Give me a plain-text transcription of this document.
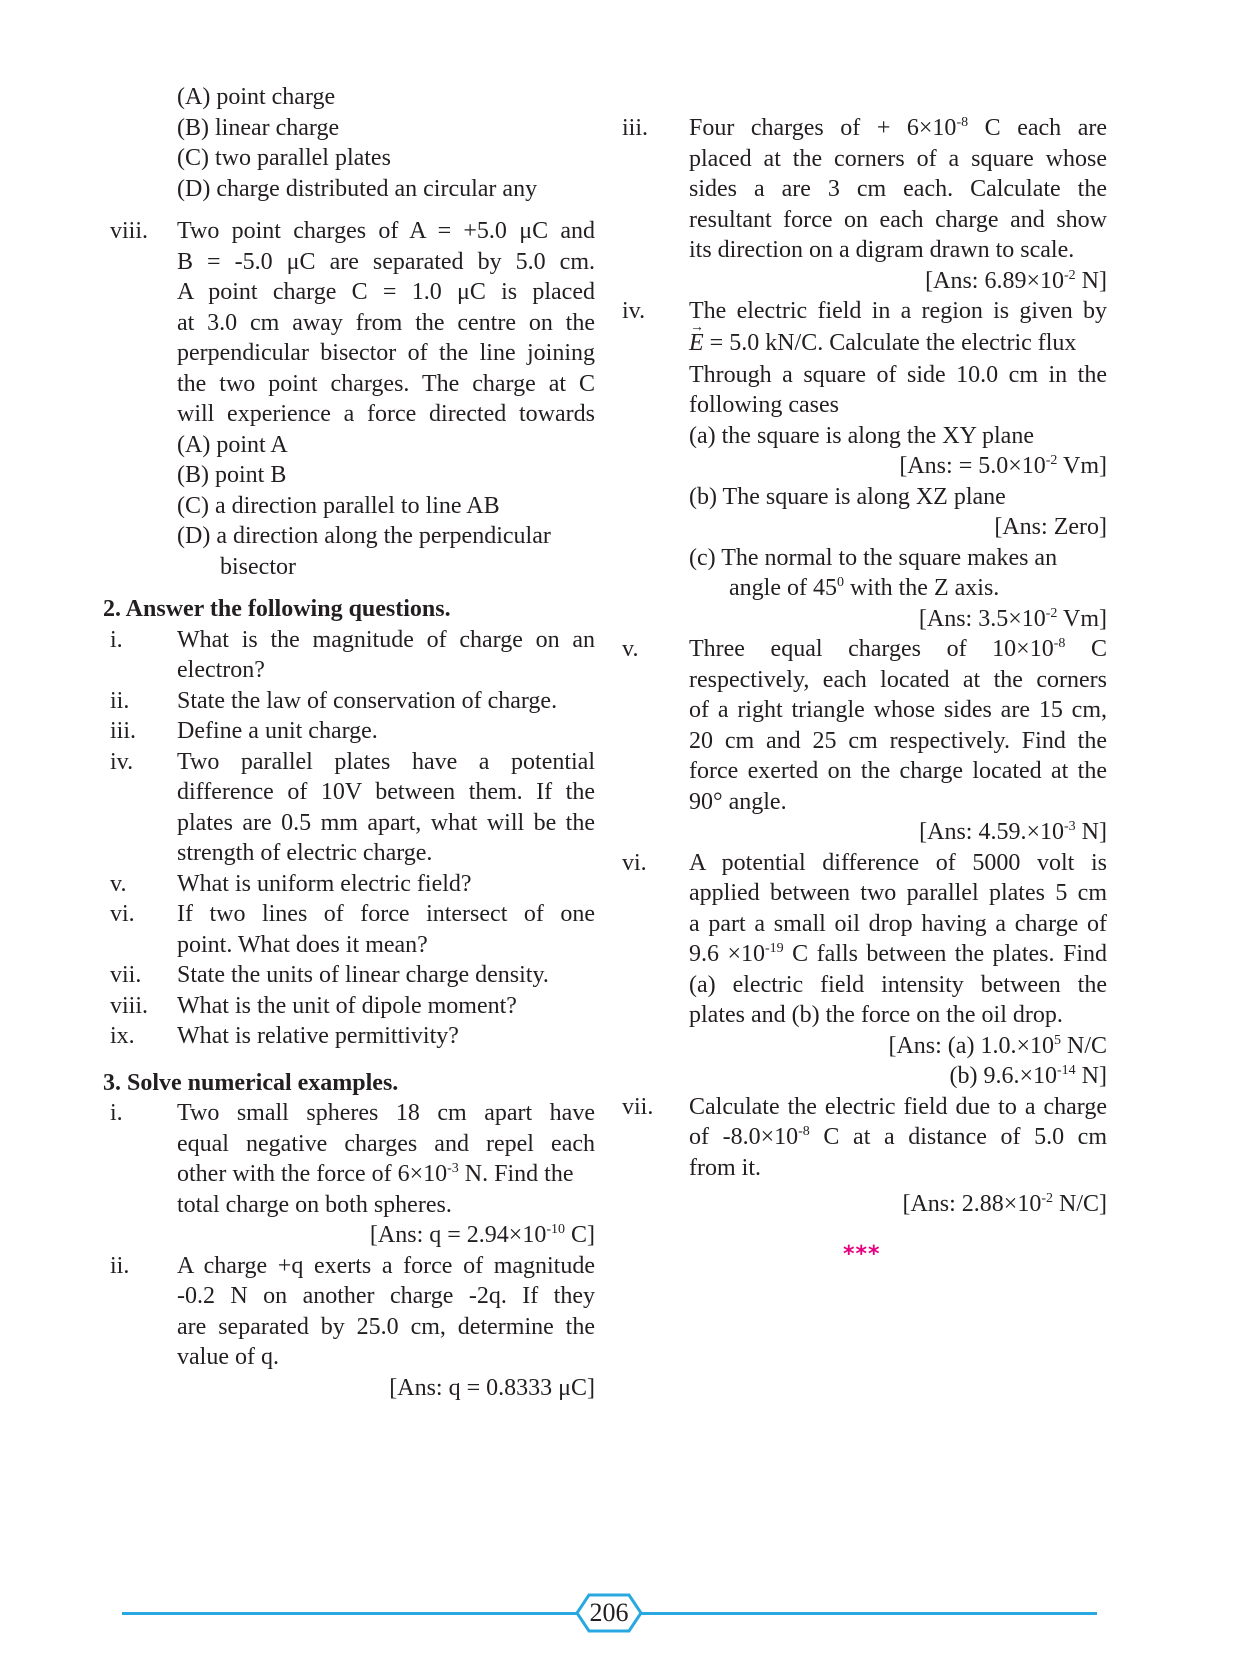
(A) point charge
(B) linear charge
(C) two parallel plates
(D) charge distributed an circular any
viii. Two point charges of A = +5.0 μC and
B = -5.0 μC are separated by 5.0 cm.
A point charge C = 1.0 μC is placed
at 3.0 cm away from the centre on the
perpendicular bisector of the line joining
the two point charges. The charge at C
will experience a force directed towards
(A) point A
(B) point B
(C) a direction parallel to line AB
(D) a direction along the perpendicular
bisector
2. Answer the following questions.
i. What is the magnitude of charge on an
electron?
ii. State the law of conservation of charge.
iii. Define a unit charge.
iv. Two parallel plates have a potential
difference of 10V between them. If the
plates are 0.5 mm apart, what will be the
strength of electric charge.
v. What is uniform electric field?
vi. If two lines of force intersect of one
point. What does it mean?
vii. State the units of linear charge density.
viii. What is the unit of dipole moment?
ix. What is relative permittivity?
3. Solve numerical examples.
i. Two small spheres 18 cm apart have
equal negative charges and repel each
other with the force of $6\times 10^{-3}$ N. Find the
total charge on both spheres.
[Ans: $q = 2.94\times 10^{-10}$ C]
ii. A charge +q exerts a force of magnitude
-0.2 N on another charge -2q. If they
are separated by 25.0 cm, determine the
value of q.
[Ans: q = 0.8333 μC]
iii. Four charges of + $6\times 10^{-8}$ C each are
placed at the corners of a square whose
sides a are 3 cm each. Calculate the
resultant force on each charge and show
its direction on a digram drawn to scale.
[Ans: $6.89\times 10^{-2}$ N]
iv. The electric field in a region is given by
→ E = 5.0 kN/C. Calculate the electric flux
Through a square of side 10.0 cm in the
following cases
(a) the square is along the XY plane
[Ans: = $5.0\times 10^{-2}$ Vm]
(b) The square is along XZ plane
[Ans: Zero]
(c) The normal to the square makes an
angle of $45^0$ with the Z axis.
[Ans: $3.5\times 10^{-2}$ Vm]
v. Three equal charges of $10\times 10^{-8}$ C
respectively, each located at the corners
of a right triangle whose sides are 15 cm,
20 cm and 25 cm respectively. Find the
force exerted on the charge located at the
90° angle.
[Ans: $4.59.\times 10^{-3}$ N]
vi. A potential difference of 5000 volt is
applied between two parallel plates 5 cm
a part a small oil drop having a charge of
$9.6 \times 10^{-19}$ C falls between the plates. Find
(a) electric field intensity between the
plates and (b) the force on the oil drop.
[Ans: (a) $1.0.\times 10^5$ N/C
(b) $9.6.\times 10^{-14}$ N]
vii. Calculate the electric field due to a charge
of $-8.0\times 10^{-8}$ C at a distance of 5.0 cm
from it.
[Ans: $2.88\times 10^{-2}$ N/C]
***
206
